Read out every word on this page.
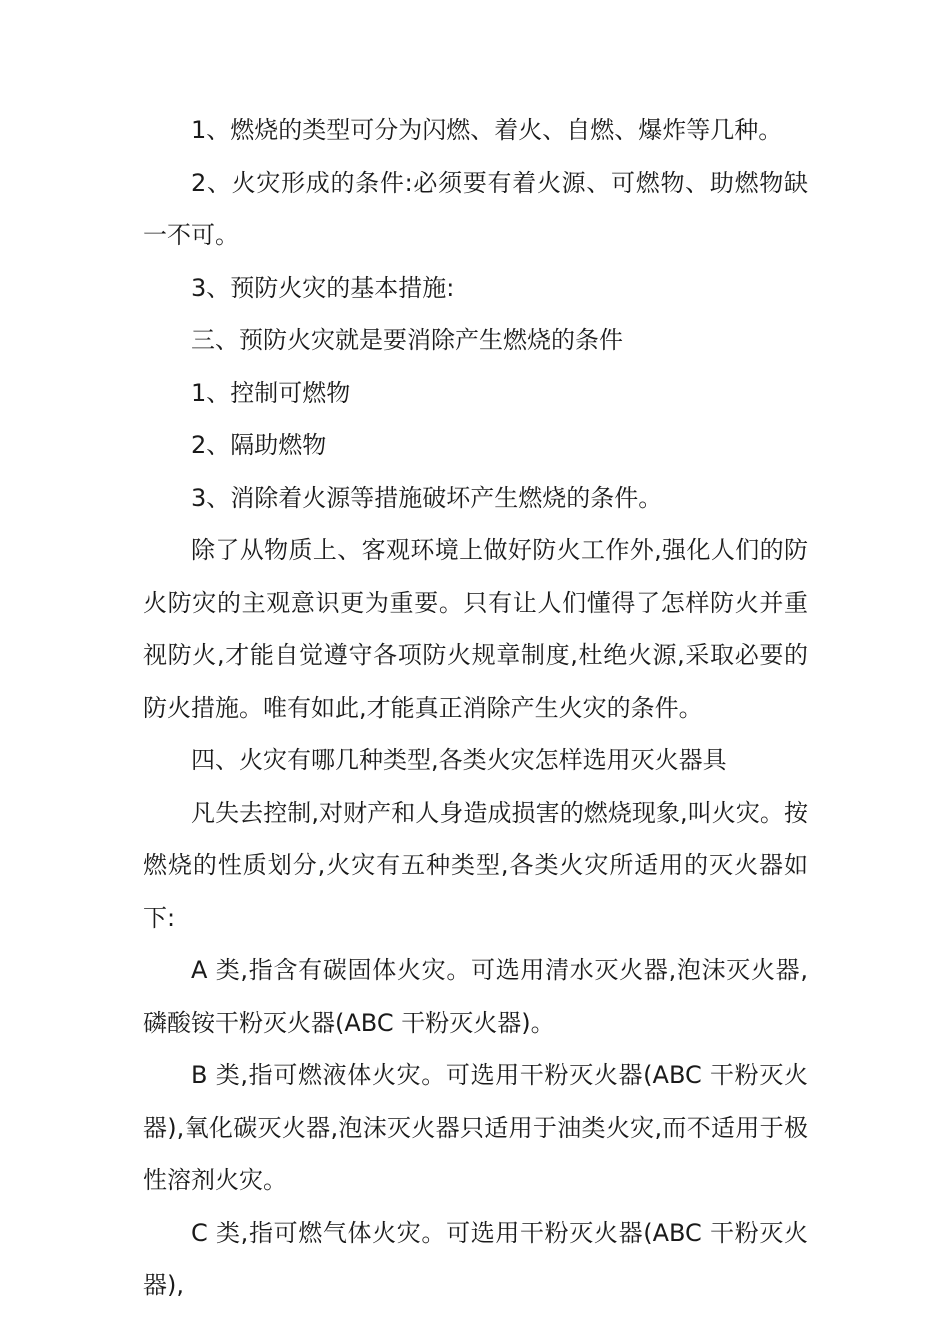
1、燃烧的类型可分为闪燃、着火、自燃、爆炸等几种。

2、火灾形成的条件:必须要有着火源、可燃物、助燃物缺一不可。

3、预防火灾的基本措施:

三、预防火灾就是要消除产生燃烧的条件

1、控制可燃物

2、隔助燃物

3、消除着火源等措施破坏产生燃烧的条件。

除了从物质上、客观环境上做好防火工作外,强化人们的防火防灾的主观意识更为重要。只有让人们懂得了怎样防火并重视防火,才能自觉遵守各项防火规章制度,杜绝火源,采取必要的防火措施。唯有如此,才能真正消除产生火灾的条件。

四、火灾有哪几种类型,各类火灾怎样选用灭火器具

凡失去控制,对财产和人身造成损害的燃烧现象,叫火灾。按燃烧的性质划分,火灾有五种类型,各类火灾所适用的灭火器如下:

A 类,指含有碳固体火灾。可选用清水灭火器,泡沫灭火器,磷酸铵干粉灭火器(ABC 干粉灭火器)。

B 类,指可燃液体火灾。可选用干粉灭火器(ABC 干粉灭火器),氧化碳灭火器,泡沫灭火器只适用于油类火灾,而不适用于极性溶剂火灾。

C 类,指可燃气体火灾。可选用干粉灭火器(ABC 干粉灭火器),
